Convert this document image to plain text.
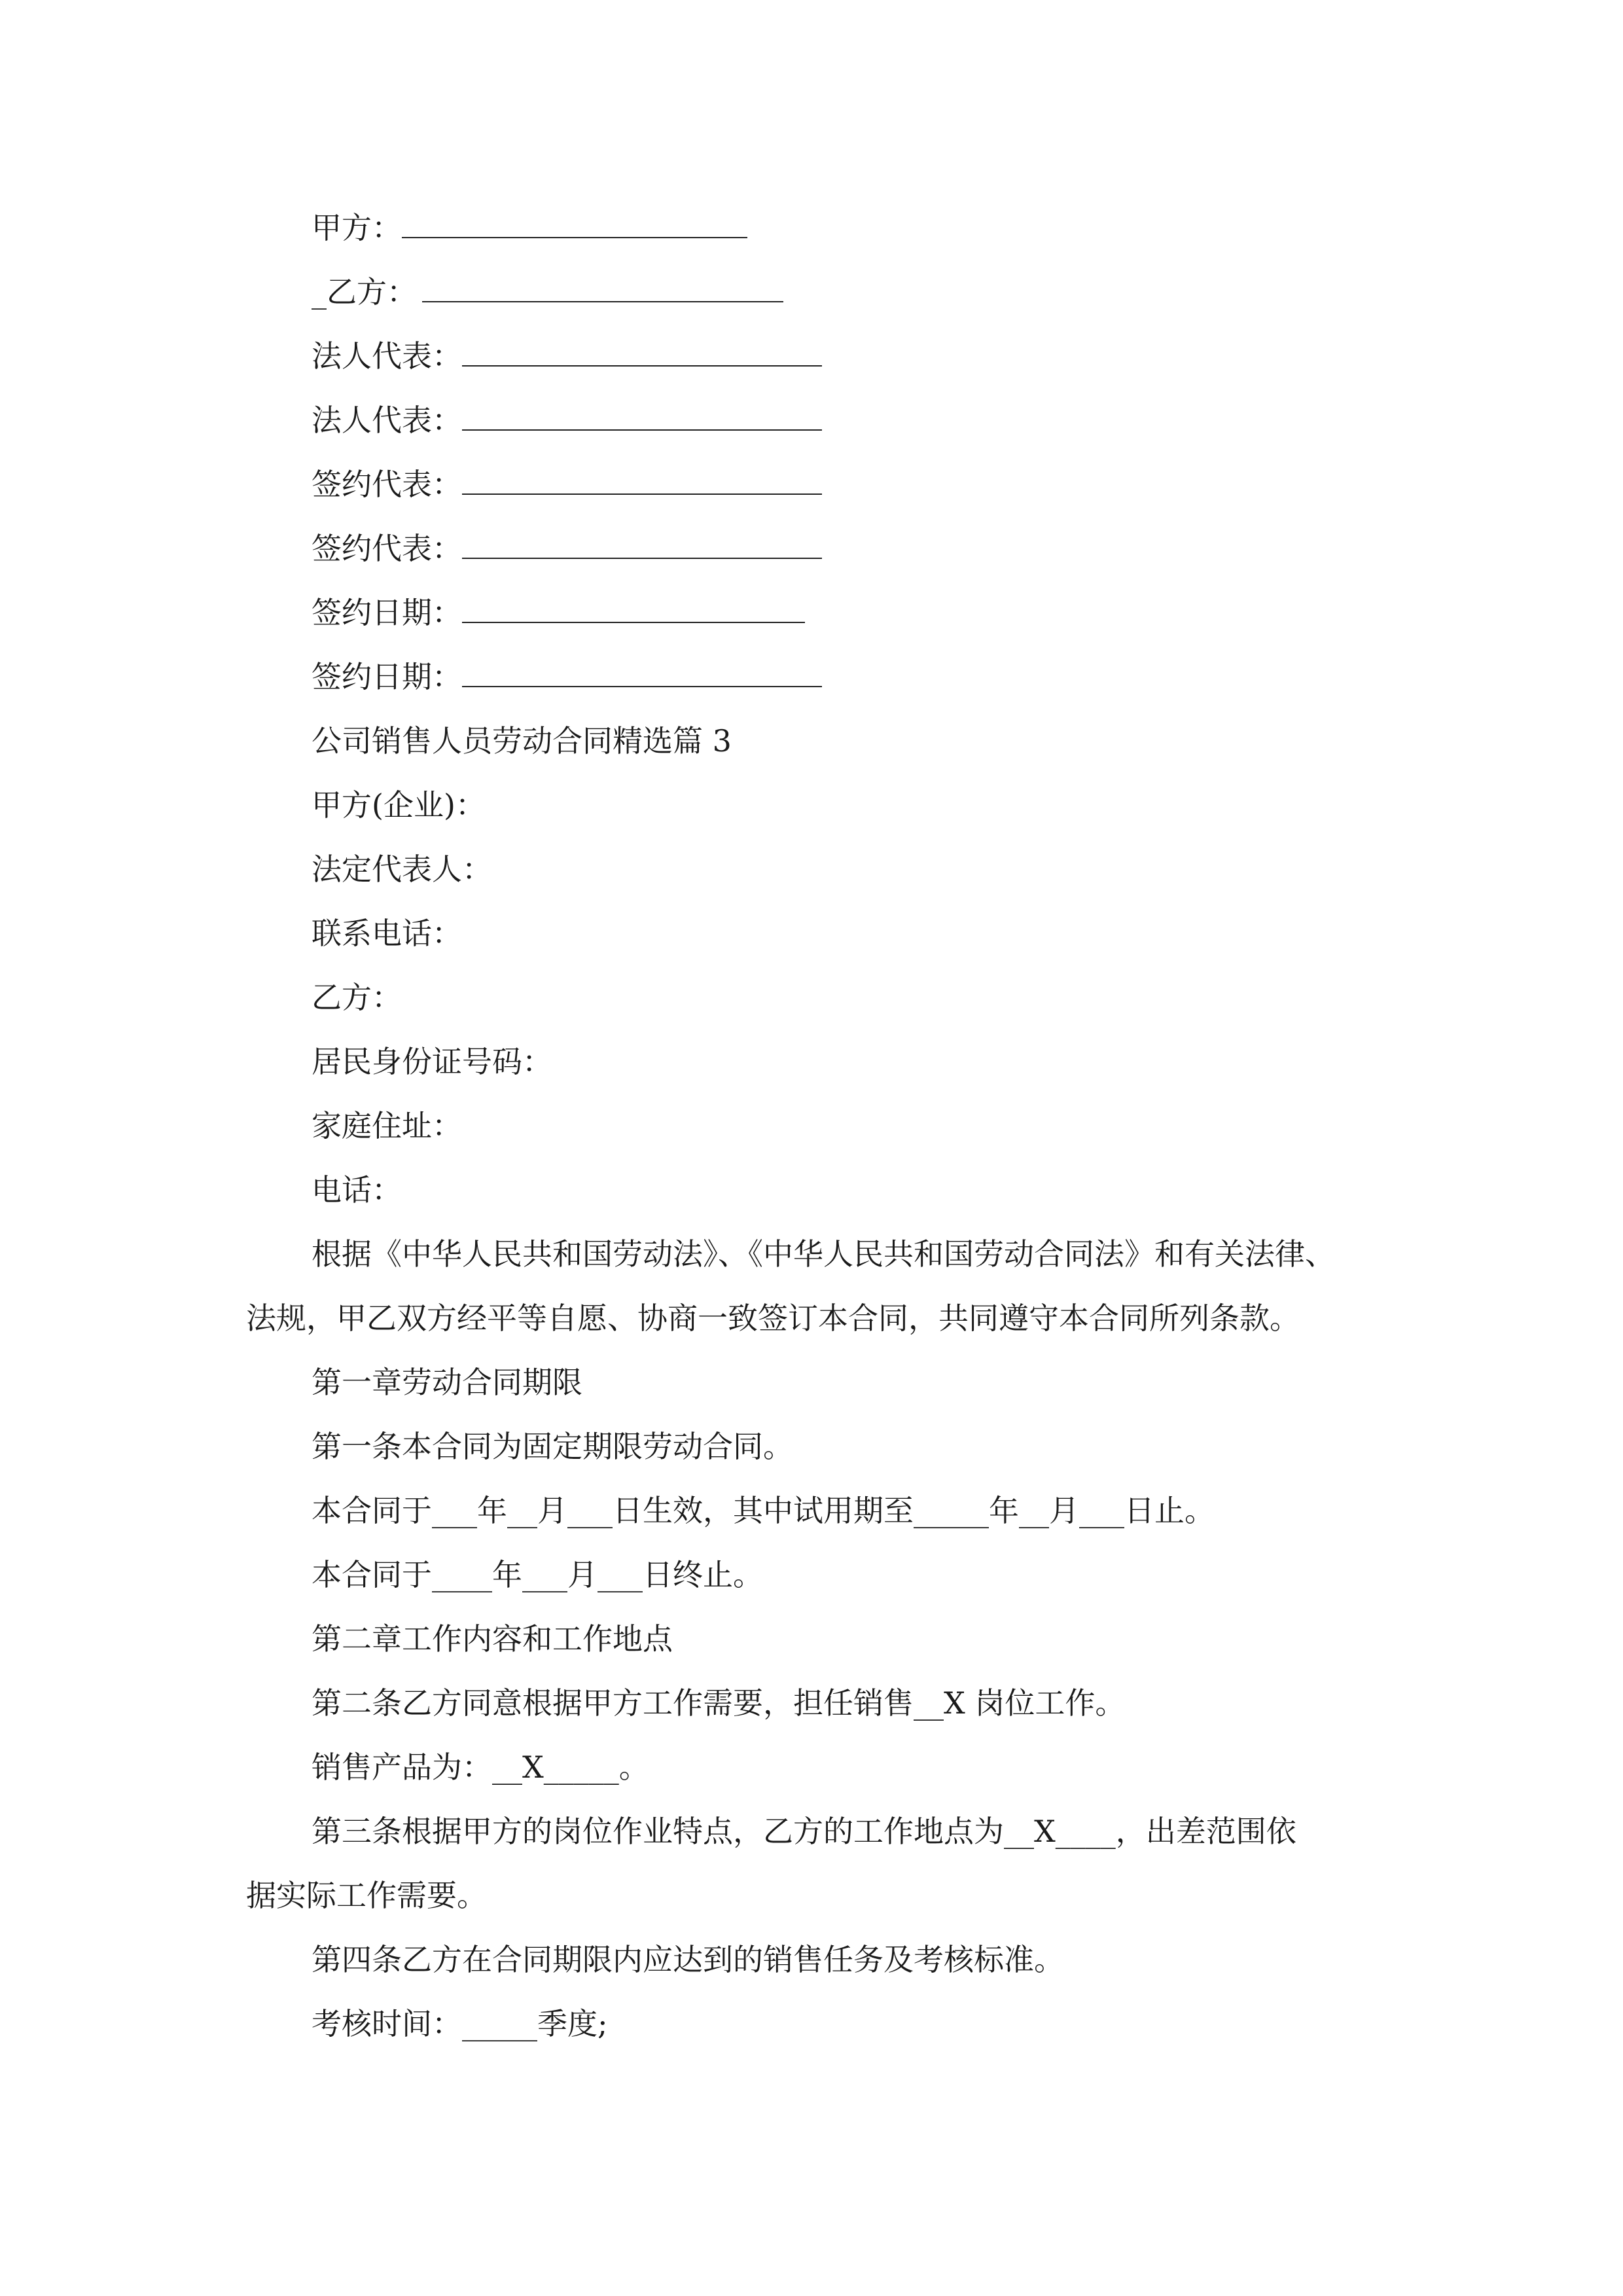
甲方：
_乙方：
法人代表：
法人代表：
签约代表：
签约代表：
签约日期：
签约日期：
公司销售人员劳动合同精选篇 3
甲方(企业)：
法定代表人：
联系电话：
乙方：
居民身份证号码：
家庭住址：
电话：
根据《中华人民共和国劳动法》、《中华人民共和国劳动合同法》和有关法律、
法规，甲乙双方经平等自愿、协商一致签订本合同，共同遵守本合同所列条款。
第一章劳动合同期限
第一条本合同为固定期限劳动合同。
本合同于___年__月___日生效，其中试用期至_____年__月___日止。
本合同于____年___月___日终止。
第二章工作内容和工作地点
第二条乙方同意根据甲方工作需要，担任销售__X 岗位工作。
销售产品为：__X_____。
第三条根据甲方的岗位作业特点，乙方的工作地点为__X____，出差范围依
据实际工作需要。
第四条乙方在合同期限内应达到的销售任务及考核标准。
考核时间：_____季度;
